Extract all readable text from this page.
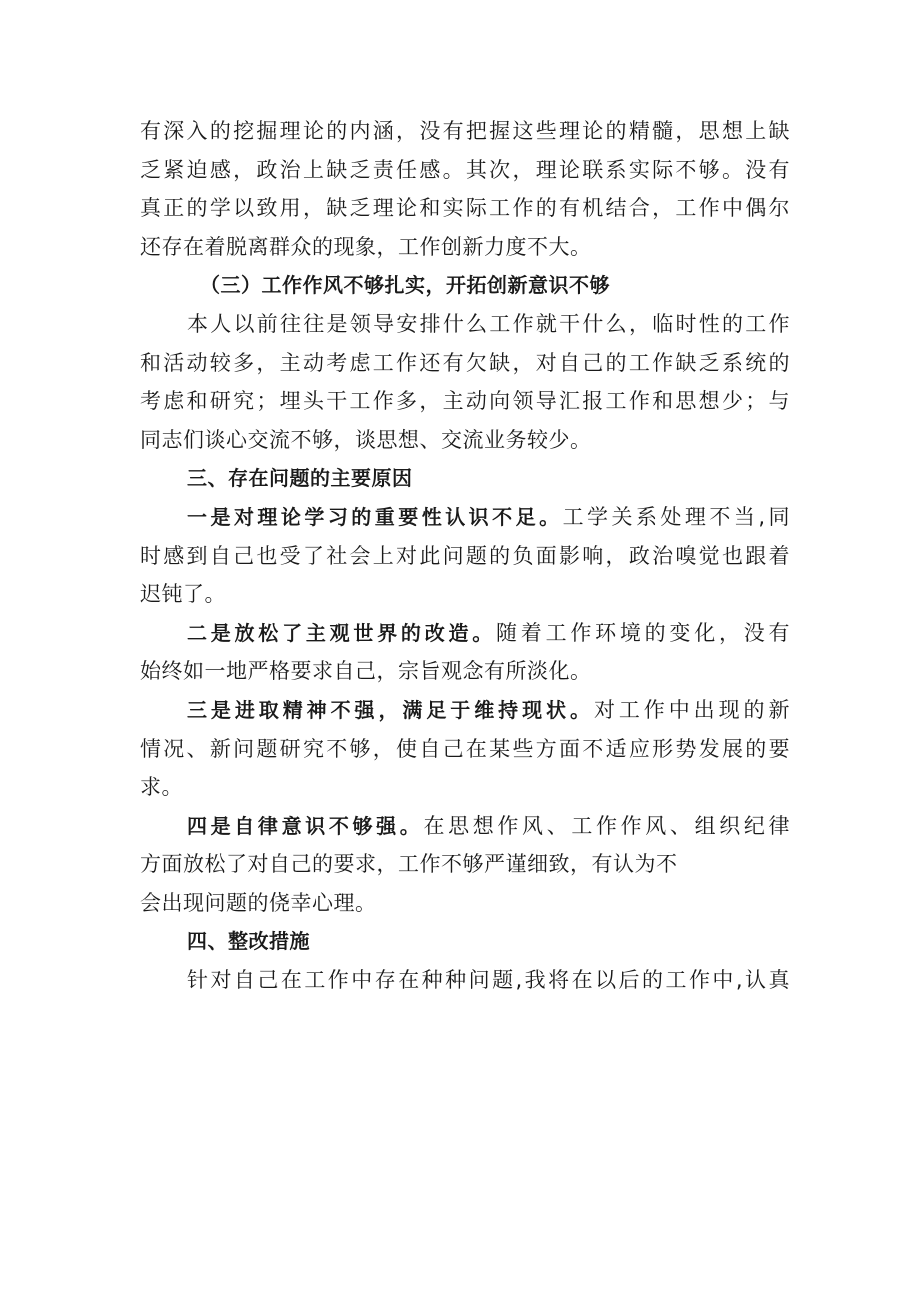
有深入的挖掘理论的内涵，没有把握这些理论的精髓，思想上缺
乏紧迫感，政治上缺乏责任感。其次，理论联系实际不够。没有
真正的学以致用，缺乏理论和实际工作的有机结合，工作中偶尔
还存在着脱离群众的现象，工作创新力度不大。
（三）工作作风不够扎实，开拓创新意识不够
本人以前往往是领导安排什么工作就干什么，临时性的工作
和活动较多，主动考虑工作还有欠缺，对自己的工作缺乏系统的
考虑和研究；埋头干工作多，主动向领导汇报工作和思想少；与
同志们谈心交流不够，谈思想、交流业务较少。
三、存在问题的主要原因
一是对理论学习的重要性认识不足。工学关系处理不当,同
时感到自己也受了社会上对此问题的负面影响，政治嗅觉也跟着
迟钝了。
二是放松了主观世界的改造。随着工作环境的变化，没有
始终如一地严格要求自己，宗旨观念有所淡化。
三是进取精神不强，满足于维持现状。对工作中出现的新
情况、新问题研究不够，使自己在某些方面不适应形势发展的要
求。
四是自律意识不够强。在思想作风、工作作风、组织纪律
方面放松了对自己的要求，工作不够严谨细致，有认为不
会出现问题的侥幸心理。
四、整改措施
针对自己在工作中存在种种问题,我将在以后的工作中,认真
